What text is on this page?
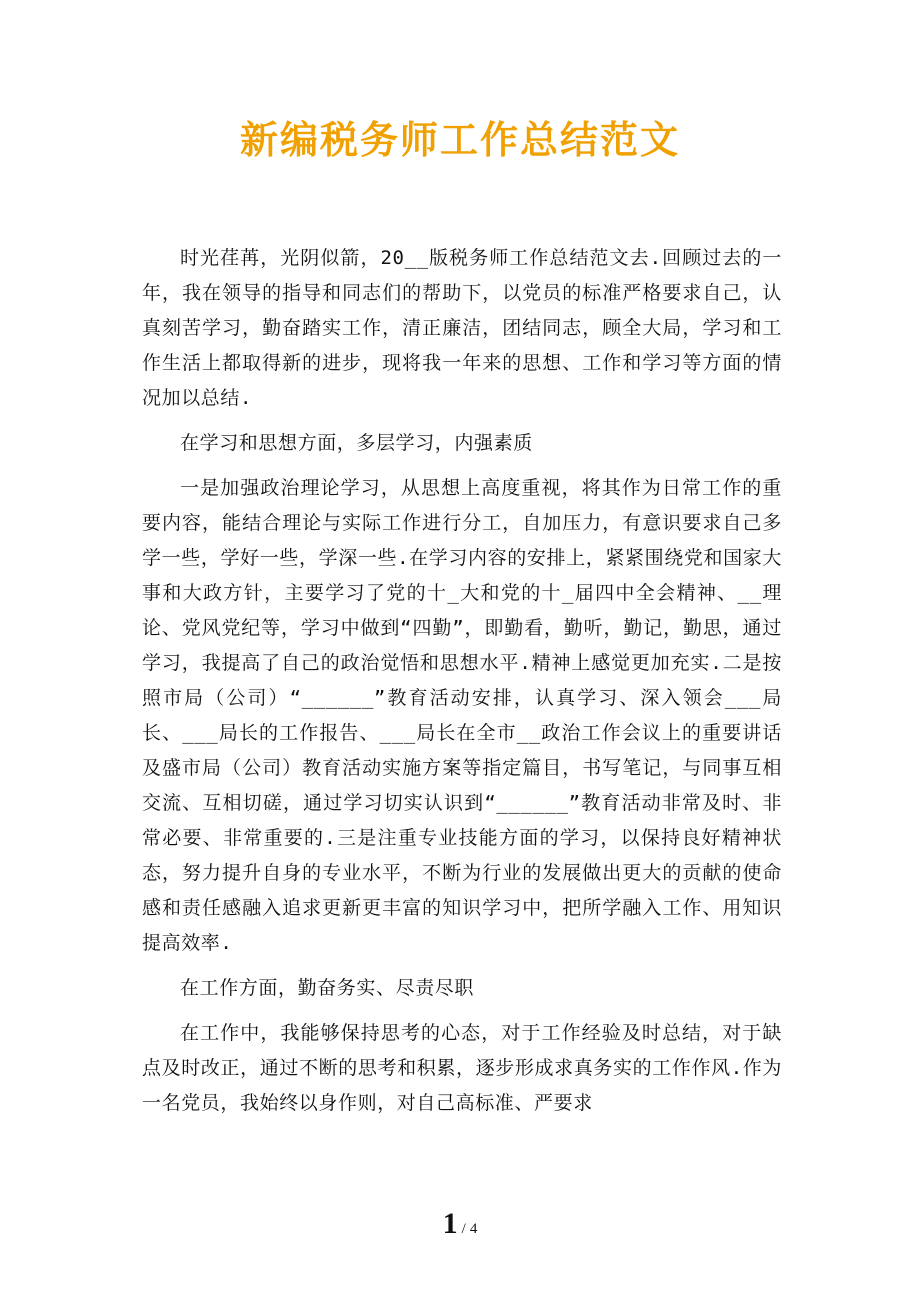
新编税务师工作总结范文

时光荏苒，光阴似箭，20__版税务师工作总结范文去.回顾过去的一年，我在领导的指导和同志们的帮助下，以党员的标准严格要求自己，认真刻苦学习，勤奋踏实工作，清正廉洁，团结同志，顾全大局，学习和工作生活上都取得新的进步，现将我一年来的思想、工作和学习等方面的情况加以总结.

在学习和思想方面，多层学习，内强素质

一是加强政治理论学习，从思想上高度重视，将其作为日常工作的重要内容，能结合理论与实际工作进行分工，自加压力，有意识要求自己多学一些，学好一些，学深一些.在学习内容的安排上，紧紧围绕党和国家大事和大政方针，主要学习了党的十_大和党的十_届四中全会精神、__理论、党风党纪等，学习中做到“四勤”，即勤看，勤听，勤记，勤思，通过学习，我提高了自己的政治觉悟和思想水平.精神上感觉更加充实.二是按照市局（公司）“______”教育活动安排，认真学习、深入领会___局长、___局长的工作报告、___局长在全市__政治工作会议上的重要讲话及盛市局（公司）教育活动实施方案等指定篇目，书写笔记，与同事互相交流、互相切磋，通过学习切实认识到“______”教育活动非常及时、非常必要、非常重要的.三是注重专业技能方面的学习，以保持良好精神状态，努力提升自身的专业水平，不断为行业的发展做出更大的贡献的使命感和责任感融入追求更新更丰富的知识学习中，把所学融入工作、用知识提高效率.

在工作方面，勤奋务实、尽责尽职

在工作中，我能够保持思考的心态，对于工作经验及时总结，对于缺点及时改正，通过不断的思考和积累，逐步形成求真务实的工作作风.作为一名党员，我始终以身作则，对自己高标准、严要求

1 / 4
